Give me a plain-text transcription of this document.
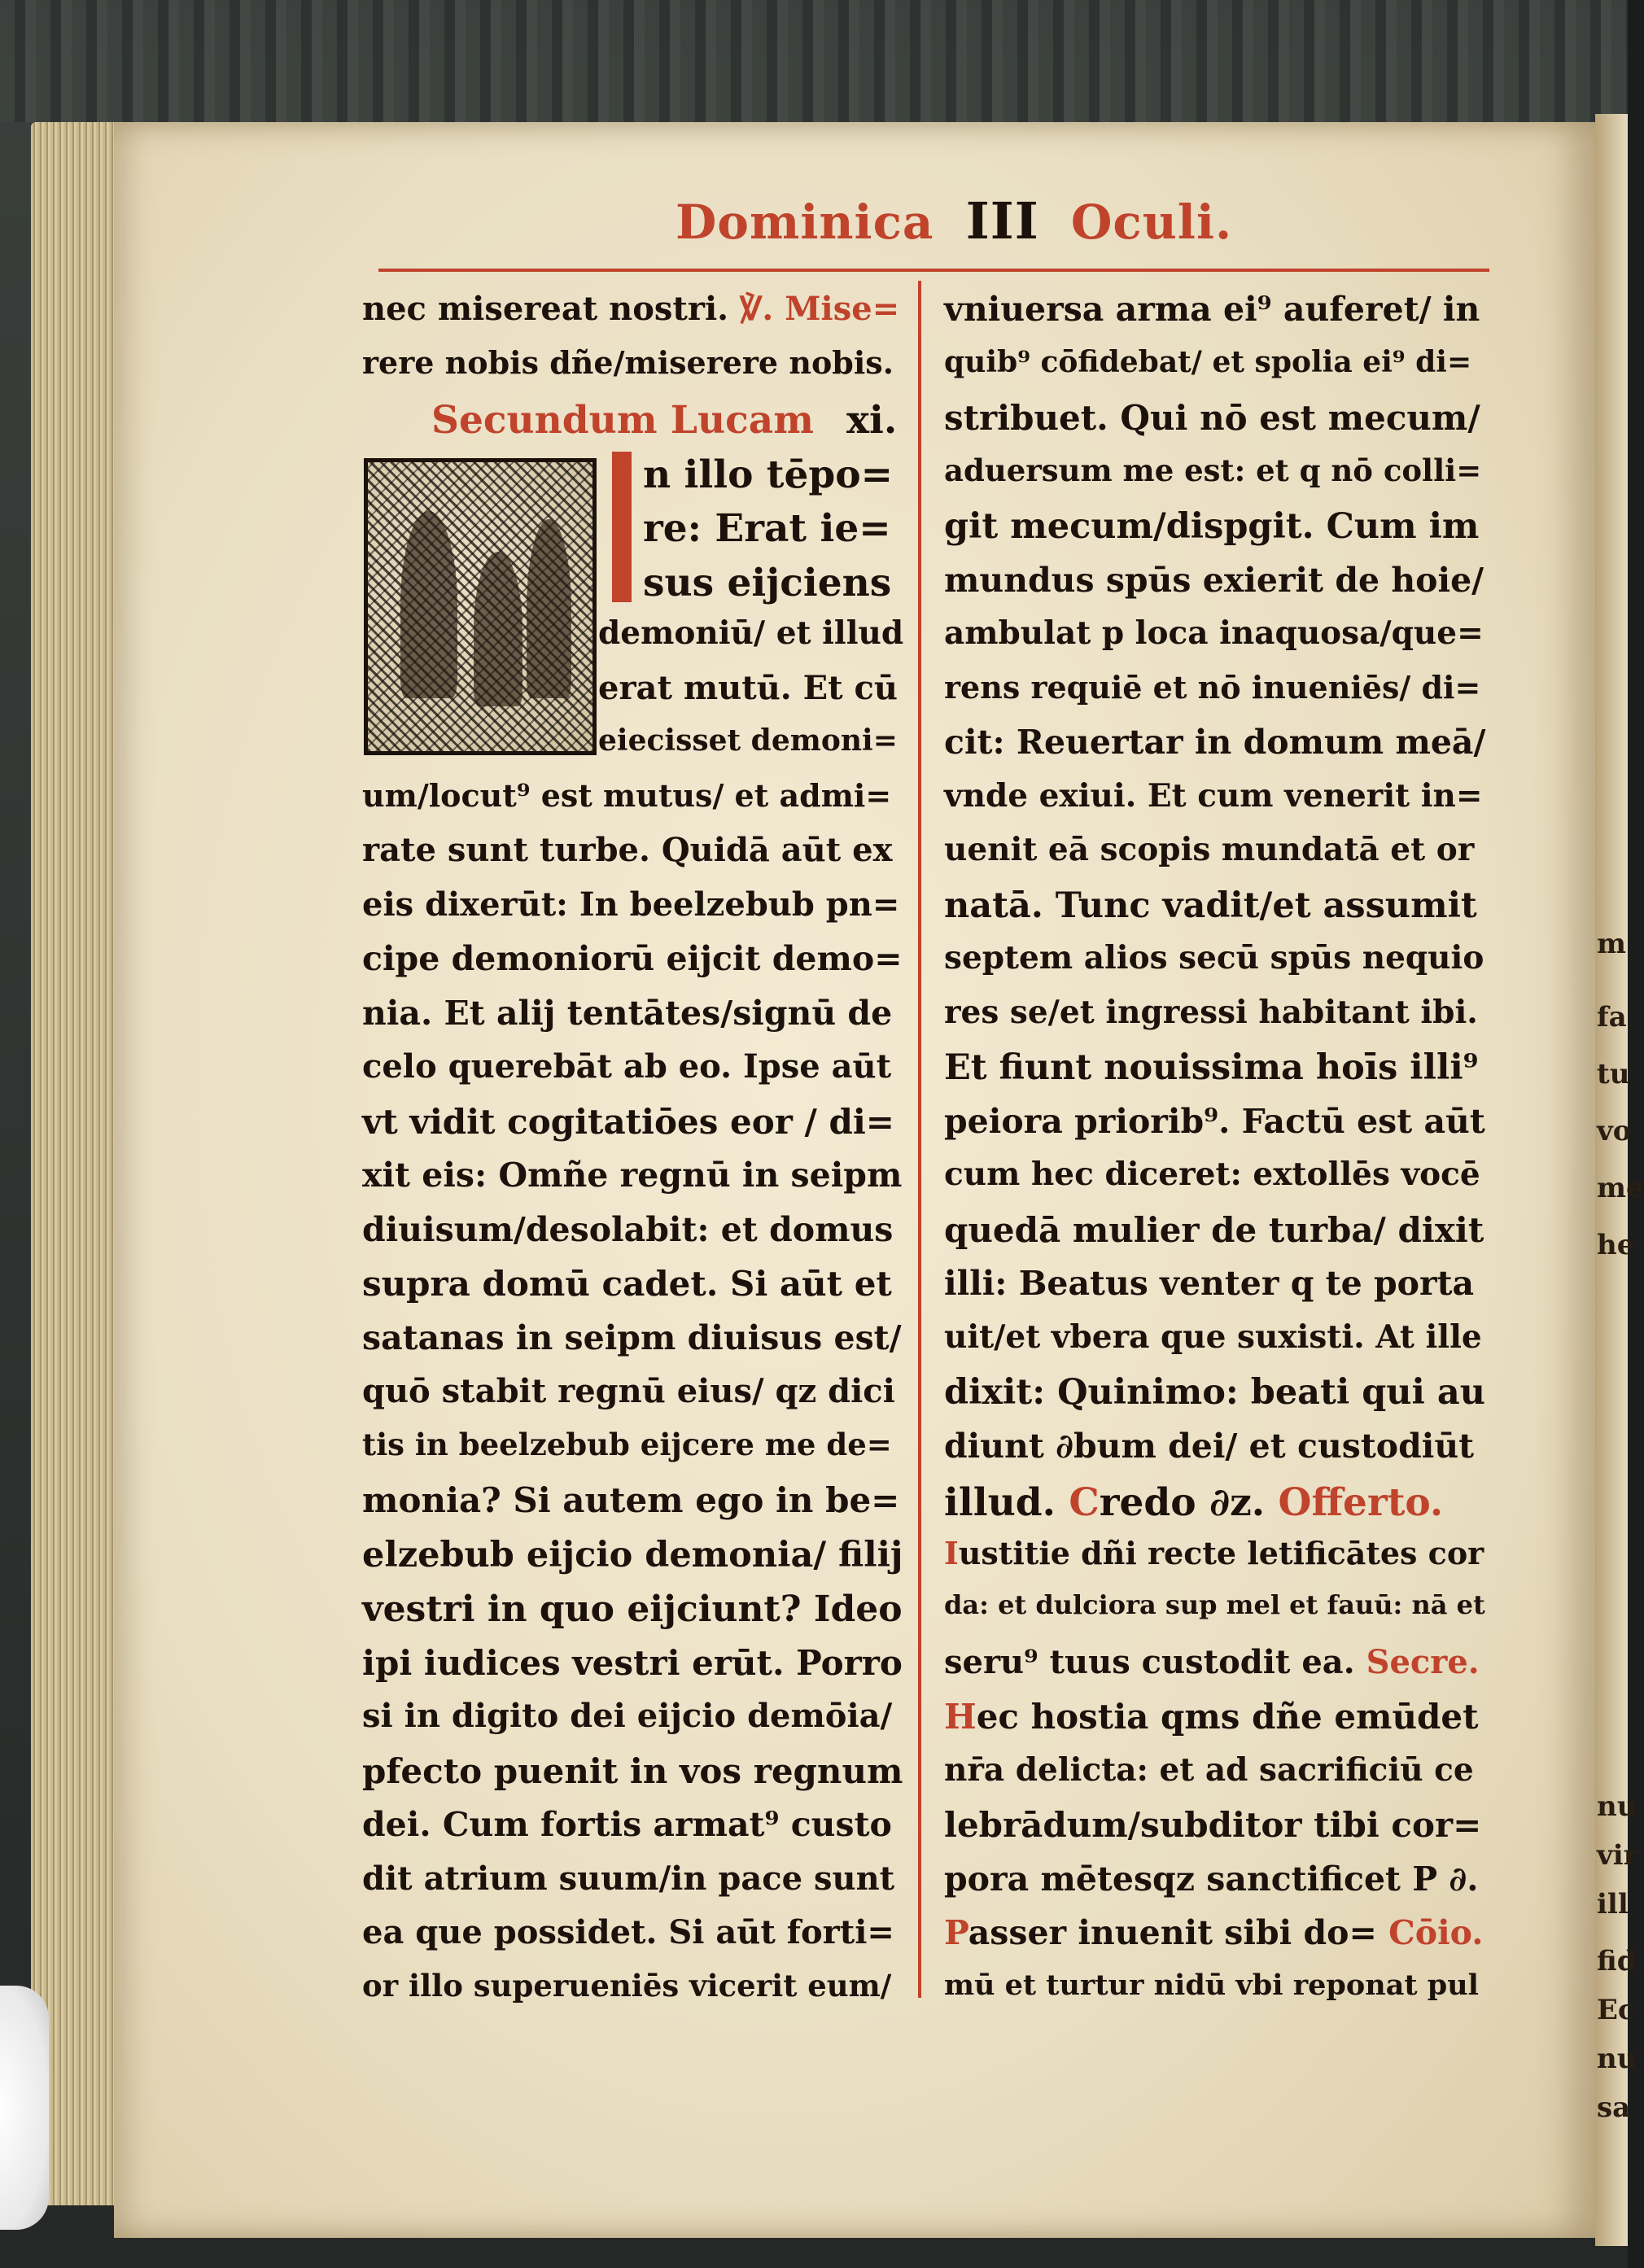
m
fa
tu
vo
me
he
nu
vir
ill
fid
Ec
nu
sa
Dominica III Oculi.
nec misereat nostri. ℣. Mise=
rere nobis dñe/miserere nobis.
Secundum Lucam xi.
n illo tēpo=
re: Erat ie=
sus eijciens
demoniū/ et illud
erat mutū. Et cū
eiecisset demoni=
um/locut⁹ est mutus/ et admi=
rate sunt turbe. Quidā aūt ex
eis dixerūt: In beelzebub pn=
cipe demoniorū eijcit demo=
nia. Et alij tentātes/signū de
celo querebāt ab eo. Ipse aūt
vt vidit cogitatiōes eor / di=
xit eis: Omñe regnū in seipm
diuisum/desolabit: et domus
supra domū cadet. Si aūt et
satanas in seipm diuisus est/
quō stabit regnū eius/ qz dici
tis in beelzebub eijcere me de=
monia? Si autem ego in be=
elzebub eijcio demonia/ filij
vestri in quo eijciunt? Ideo
ipi iudices vestri erūt. Porro
si in digito dei eijcio demōia/
pfecto puenit in vos regnum
dei. Cum fortis armat⁹ custo
dit atrium suum/in pace sunt
ea que possidet. Si aūt forti=
or illo superueniēs vicerit eum/
vniuersa arma ei⁹ auferet/ in
quib⁹ cōfidebat/ et spolia ei⁹ di=
stribuet. Qui nō est mecum/
aduersum me est: et q nō colli=
git mecum/dispgit. Cum im
mundus spūs exierit de hoie/
ambulat p loca inaquosa/que=
rens requiē et nō inueniēs/ di=
cit: Reuertar in domum meā/
vnde exiui. Et cum venerit in=
uenit eā scopis mundatā et or
natā. Tunc vadit/et assumit
septem alios secū spūs nequio
res se/et ingressi habitant ibi.
Et fiunt nouissima hoīs illi⁹
peiora priorib⁹. Factū est aūt
cum hec diceret: extollēs vocē
quedā mulier de turba/ dixit
illi: Beatus venter q te porta
uit/et vbera que suxisti. At ille
dixit: Quinimo: beati qui au
diunt ∂bum dei/ et custodiūt
illud. Credo ∂z. Offerto.
Iustitie dñi recte letificātes cor
da: et dulciora sup mel et fauū: nā et
seru⁹ tuus custodit ea. Secre.
Hec hostia qms dñe emūdet
nr̄a delicta: et ad sacrificiū ce
lebrādum/subditor tibi cor=
pora mētesqz sanctificet P ∂.
Passer inuenit sibi do= Cōio.
mū et turtur nidū vbi reponat pul
